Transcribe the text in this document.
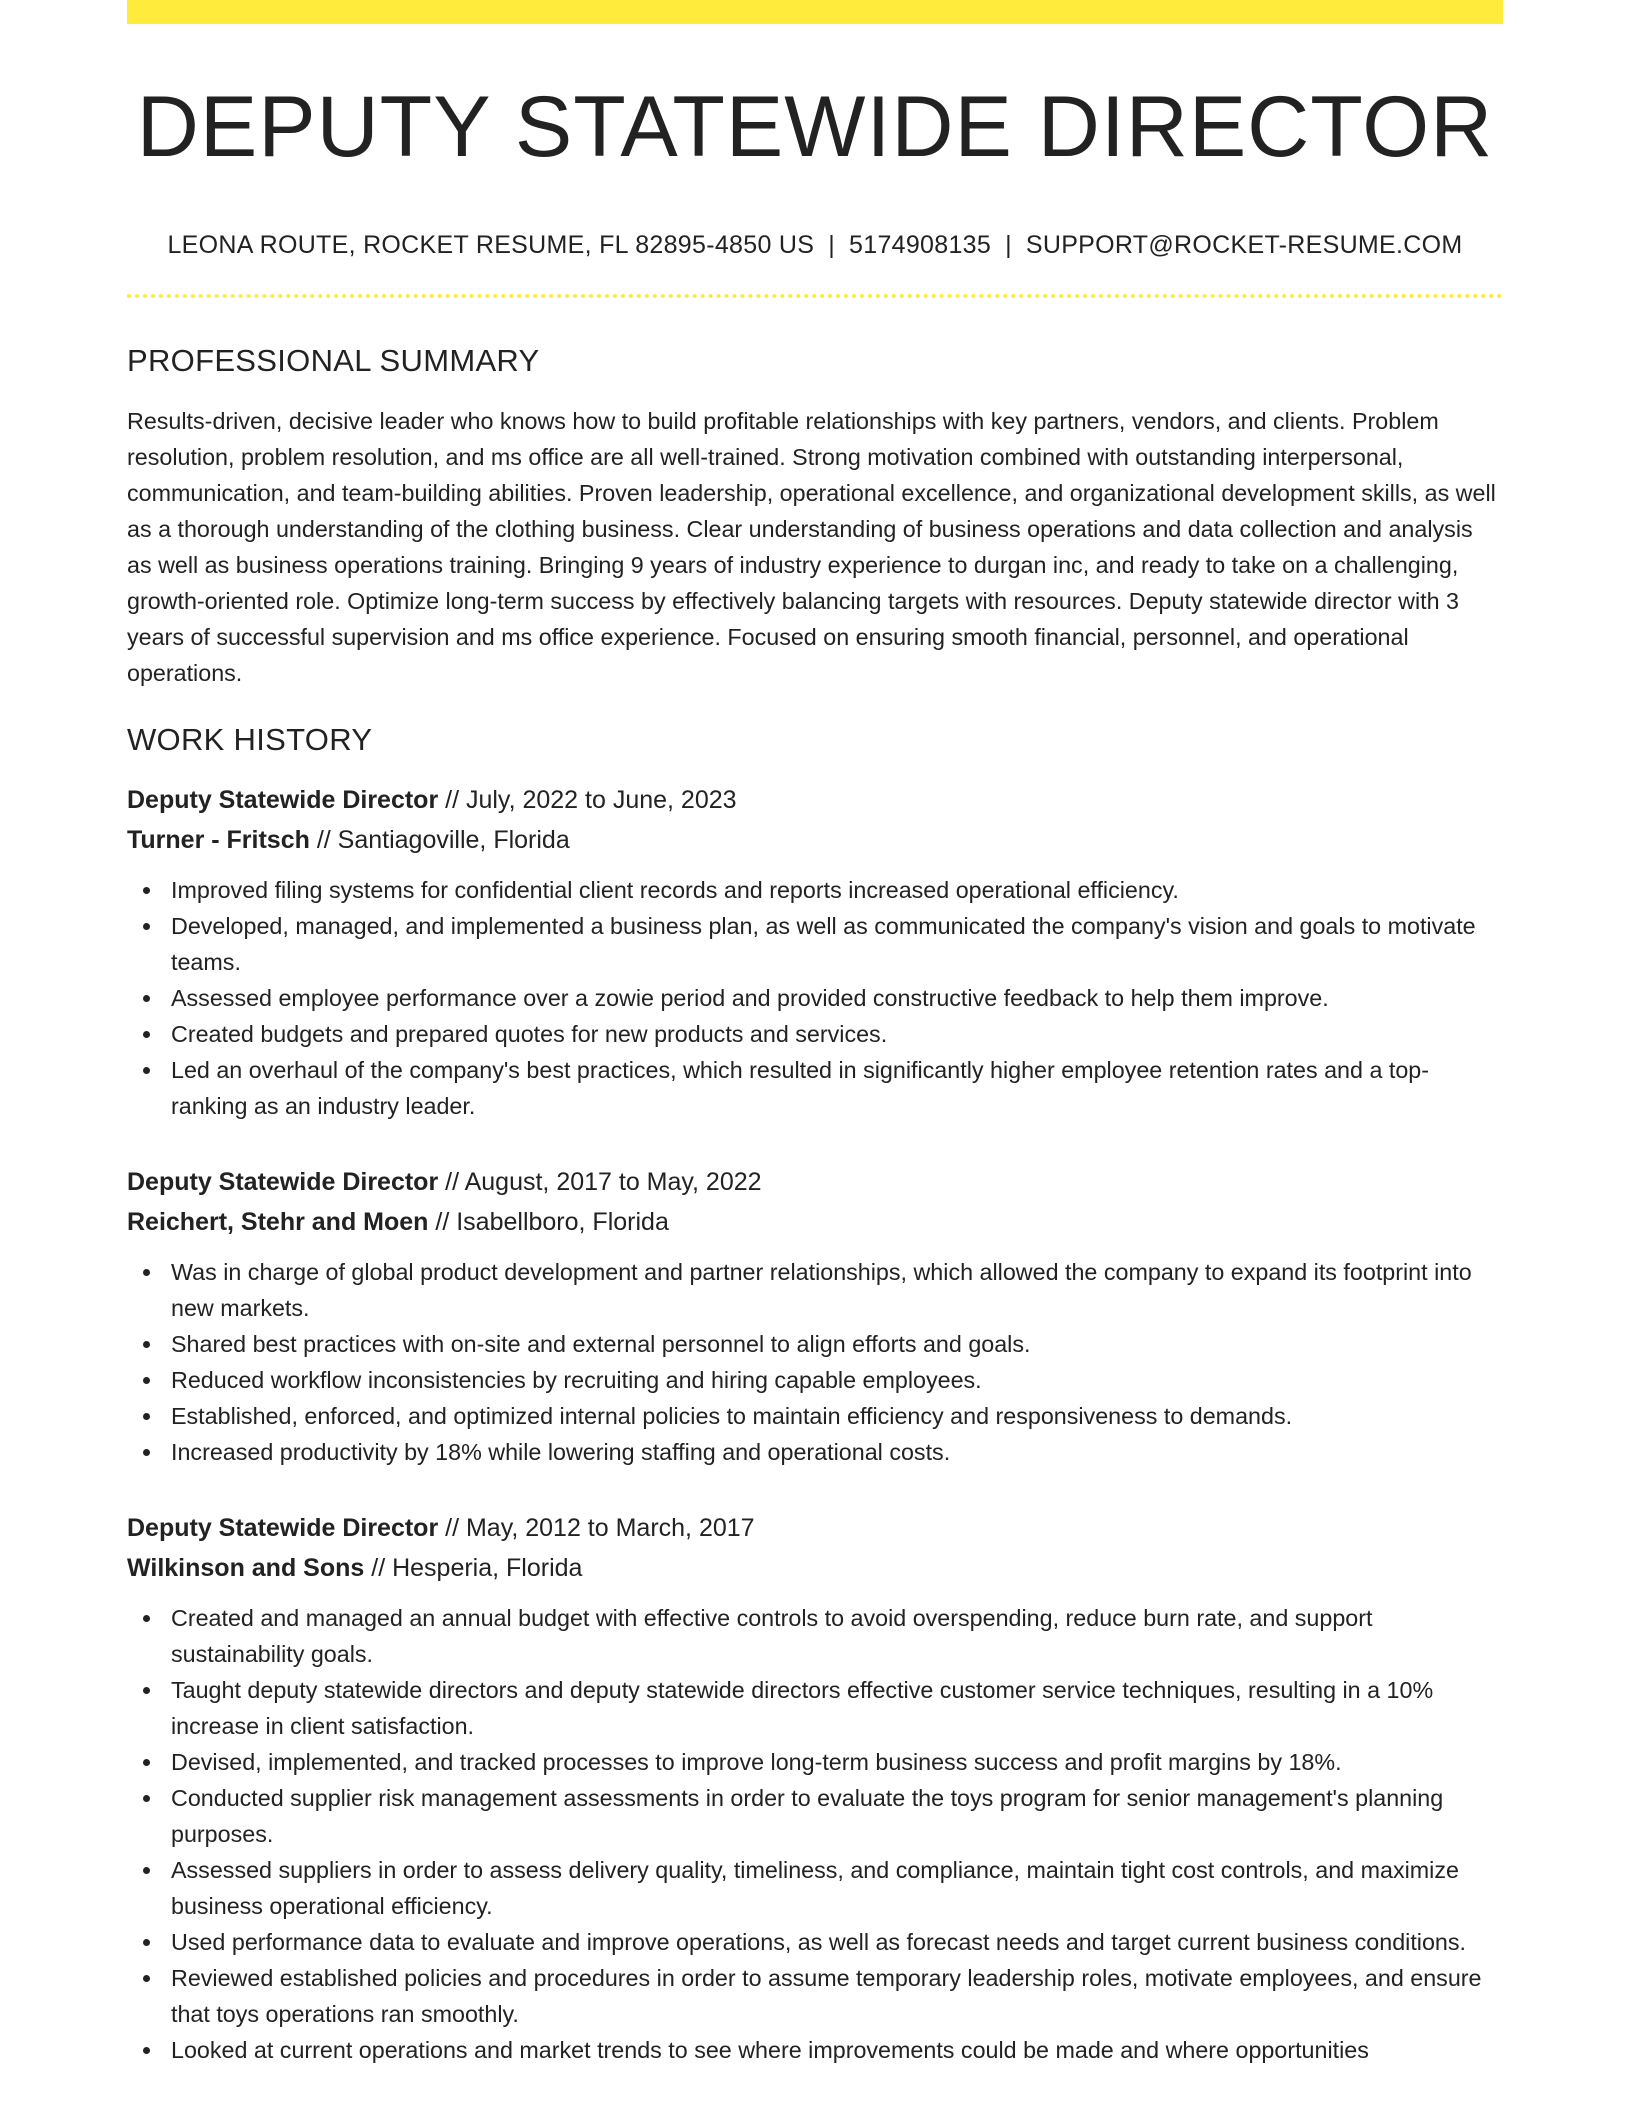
DEPUTY STATEWIDE DIRECTOR
LEONA ROUTE, ROCKET RESUME, FL 82895-4850 US | 5174908135 | SUPPORT@ROCKET-RESUME.COM
PROFESSIONAL SUMMARY

Results-driven, decisive leader who knows how to build profitable relationships with key partners, vendors, and clients. Problem resolution, problem resolution, and ms office are all well-trained. Strong motivation combined with outstanding interpersonal, communication, and team-building abilities. Proven leadership, operational excellence, and organizational development skills, as well as a thorough understanding of the clothing business. Clear understanding of business operations and data collection and analysis as well as business operations training. Bringing 9 years of industry experience to durgan inc, and ready to take on a challenging, growth-oriented role. Optimize long-term success by effectively balancing targets with resources. Deputy statewide director with 3 years of successful supervision and ms office experience. Focused on ensuring smooth financial, personnel, and operational operations.

WORK HISTORY
Deputy Statewide Director // July, 2022 to June, 2023
Turner - Fritsch // Santiagoville, Florida
Improved filing systems for confidential client records and reports increased operational efficiency.
Developed, managed, and implemented a business plan, as well as communicated the company's vision and goals to motivate teams.
Assessed employee performance over a zowie period and provided constructive feedback to help them improve.
Created budgets and prepared quotes for new products and services.
Led an overhaul of the company's best practices, which resulted in significantly higher employee retention rates and a top-ranking as an industry leader.
Deputy Statewide Director // August, 2017 to May, 2022
Reichert, Stehr and Moen // Isabellboro, Florida
Was in charge of global product development and partner relationships, which allowed the company to expand its footprint into new markets.
Shared best practices with on-site and external personnel to align efforts and goals.
Reduced workflow inconsistencies by recruiting and hiring capable employees.
Established, enforced, and optimized internal policies to maintain efficiency and responsiveness to demands.
Increased productivity by 18% while lowering staffing and operational costs.
Deputy Statewide Director // May, 2012 to March, 2017
Wilkinson and Sons // Hesperia, Florida
Created and managed an annual budget with effective controls to avoid overspending, reduce burn rate, and support sustainability goals.
Taught deputy statewide directors and deputy statewide directors effective customer service techniques, resulting in a 10% increase in client satisfaction.
Devised, implemented, and tracked processes to improve long-term business success and profit margins by 18%.
Conducted supplier risk management assessments in order to evaluate the toys program for senior management's planning purposes.
Assessed suppliers in order to assess delivery quality, timeliness, and compliance, maintain tight cost controls, and maximize business operational efficiency.
Used performance data to evaluate and improve operations, as well as forecast needs and target current business conditions.
Reviewed established policies and procedures in order to assume temporary leadership roles, motivate employees, and ensure that toys operations ran smoothly.
Looked at current operations and market trends to see where improvements could be made and where opportunities
